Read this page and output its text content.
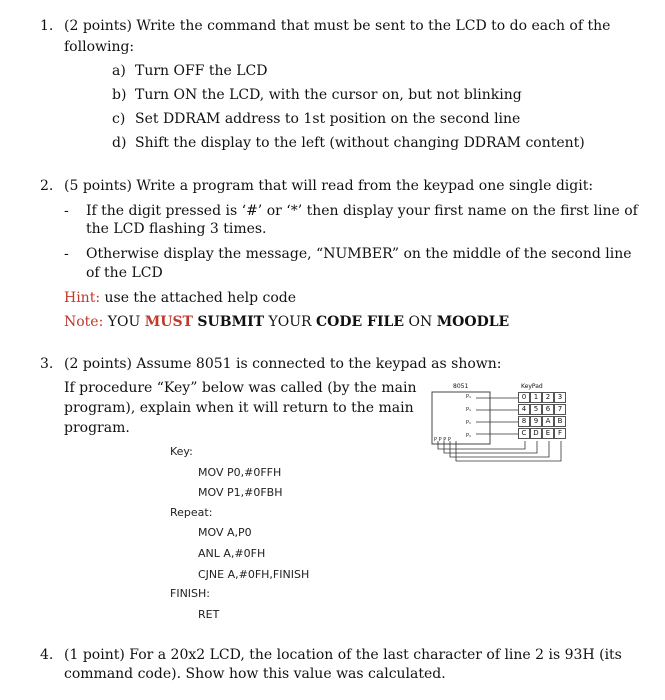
1. (2 points) Write the command that must be sent to the LCD to do each of the
following:
a) Turn OFF the LCD
b) Turn ON the LCD, with the cursor on, but not blinking
c) Set DDRAM address to 1st position on the second line
d) Shift the display to the left (without changing DDRAM content)
2. (5 points) Write a program that will read from the keypad one single digit:
- If the digit pressed is ‘#’ or ‘*’ then display your first name on the first line of
the LCD flashing 3 times.
- Otherwise display the message, “NUMBER” on the middle of the second line
of the LCD
Hint: use the attached help code
Note: YOU MUST SUBMIT YOUR CODE FILE ON MOODLE
3. (2 points) Assume 8051 is connected to the keypad as shown:
If procedure “Key” below was called (by the main
program), explain when it will return to the main
program.
Key:
MOV P0,#0FFH
MOV P1,#0FBH
Repeat:
MOV A,P0
ANL A,#0FH
CJNE A,#0FH,FINISH
FINISH:
RET
8051	KeyPad
P₁
P₁
P₁
P₁
P P P P
0	1	2	3
4	5	6	7
8	9	A	B
C D	E	F
4. (1 point) For a 20x2 LCD, the location of the last character of line 2 is 93H (its
command code). Show how this value was calculated.
